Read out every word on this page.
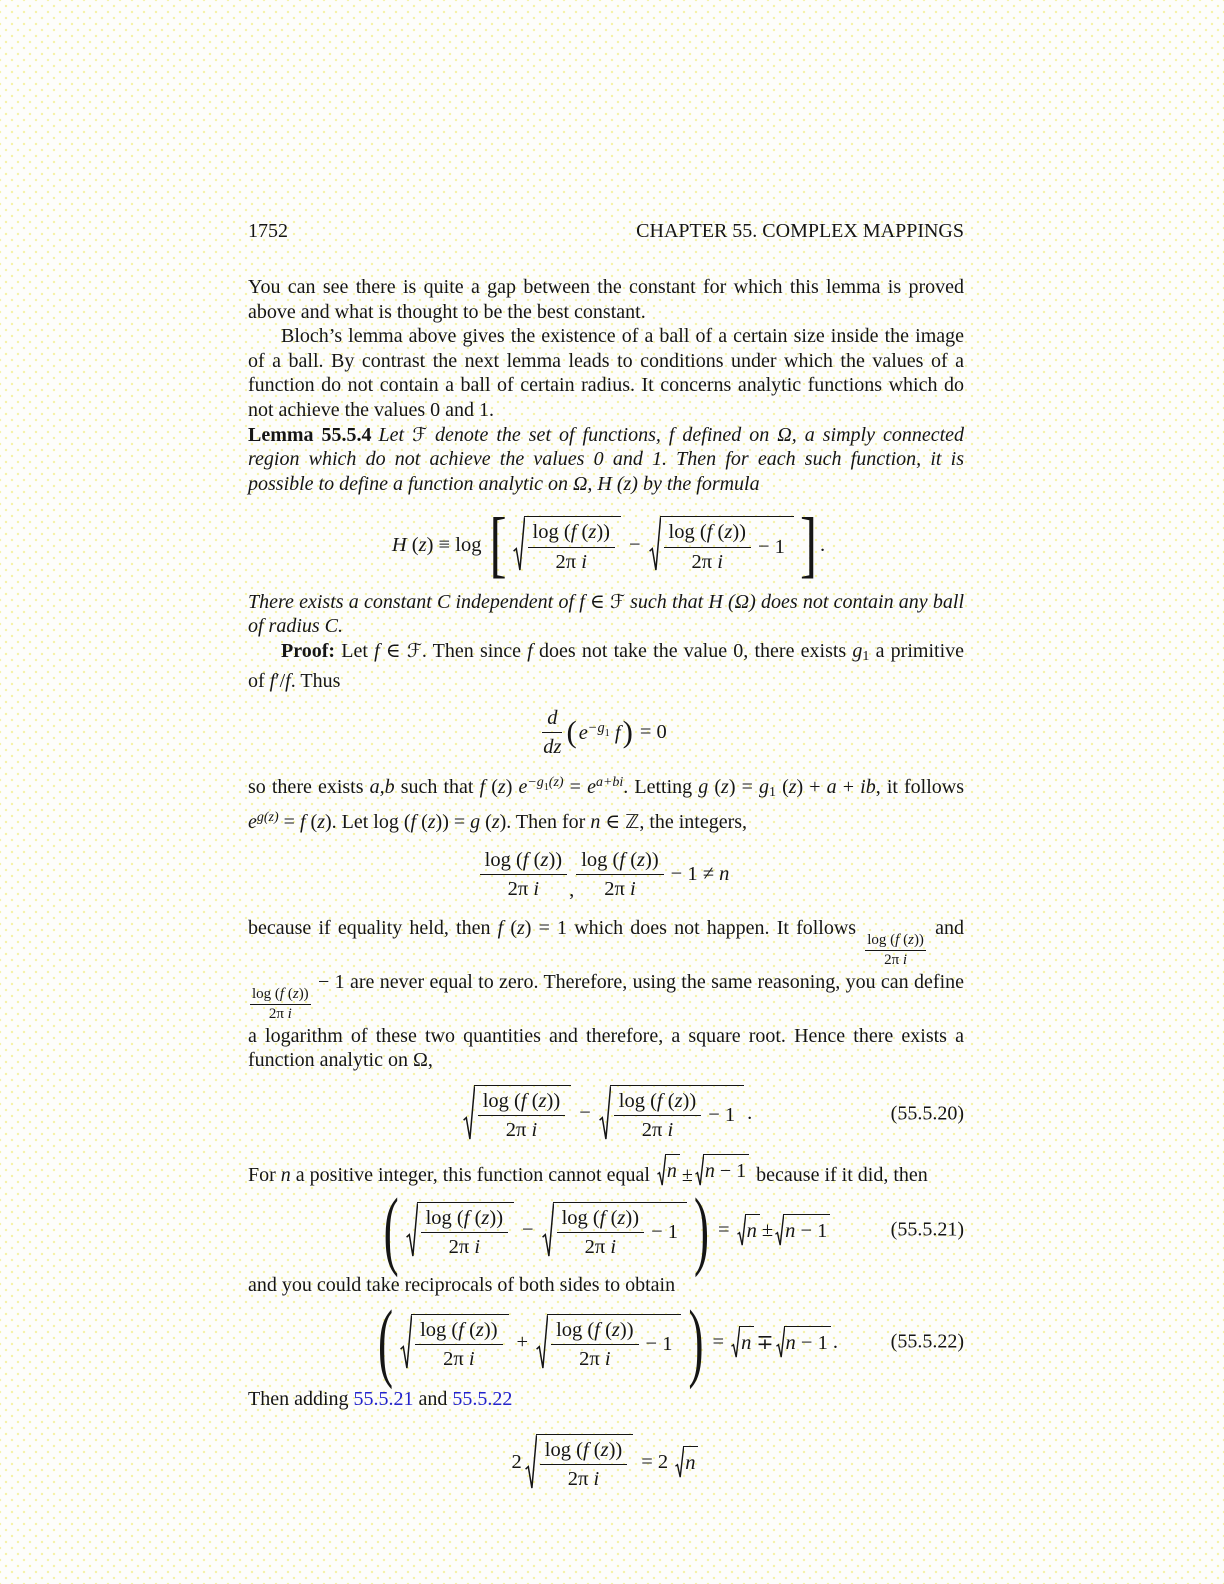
1752	CHAPTER 55. COMPLEX MAPPINGS

You can see there is quite a gap between the constant for which this lemma is proved above and what is thought to be the best constant.

Bloch’s lemma above gives the existence of a ball of a certain size inside the image of a ball. By contrast the next lemma leads to conditions under which the values of a function do not contain a ball of certain radius. It concerns analytic functions which do not achieve the values 0 and 1.

Lemma 55.5.4 Let ℱ denote the set of functions, f defined on Ω, a simply connected region which do not achieve the values 0 and 1. Then for each such function, it is possible to define a function analytic on Ω, H (z) by the formula

H (z) ≡ log [ $\frac{\log (f (z))}{\text{2π i}} - \frac{\log (f (z))}{\text{2π i}} - 1$ ] .

There exists a constant C independent of f ∈ ℱ such that H (Ω) does not contain any ball of radius C.

Proof: Let f ∈ ℱ. Then since f does not take the value 0, there exists g1 a primitive of f′/f. Thus

$\frac{d}{dz}$ ( $e^{-g}1$ f ) = 0

so there exists a,b such that f (z) $e^{-g}1^{(z)} = e^{a+bi}$. Letting g (z) = g1 (z) + a + ib, it follows $e^{g(z)} = f$ (z). Let log (f (z)) = g (z). Then for n ∈ ℤ, the integers,

$\frac{\log (f (z))}{\text{2π i}}$ , $\frac{\log (f (z))}{\text{2π i}} - 1 \ne n$

because if equality held, then f (z) = 1 which does not happen. It follows
$\frac{\log (f (z))}{\text{2π i}}$
and
$\frac{\log (f (z))}{\text{2π i}}$
− 1 are never equal to zero. Therefore, using the same reasoning, you can define a logarithm of these two quantities and therefore, a square root. Hence there exists a function analytic on Ω,

$\frac{\log (f (z))}{\text{2π i}} - \frac{\log (f (z))}{\text{2π i}} - 1$ .	(55.5.20)

For n a positive integer, this function cannot equal n ± n − 1 because if it did, then

( $\frac{\log (f (z))}{\text{2π i}} - \frac{\log (f (z))}{\text{2π i}} - 1$ ) = n ± n − 1	(55.5.21)

and you could take reciprocals of both sides to obtain

( $\frac{\log (f (z))}{\text{2π i}} + \frac{\log (f (z))}{\text{2π i}} - 1$ ) = n ∓ n − 1 .	(55.5.22)

Then adding 55.5.21 and 55.5.22

$2 \frac{\log (f (z))}{\text{2π i}} = 2$ n
